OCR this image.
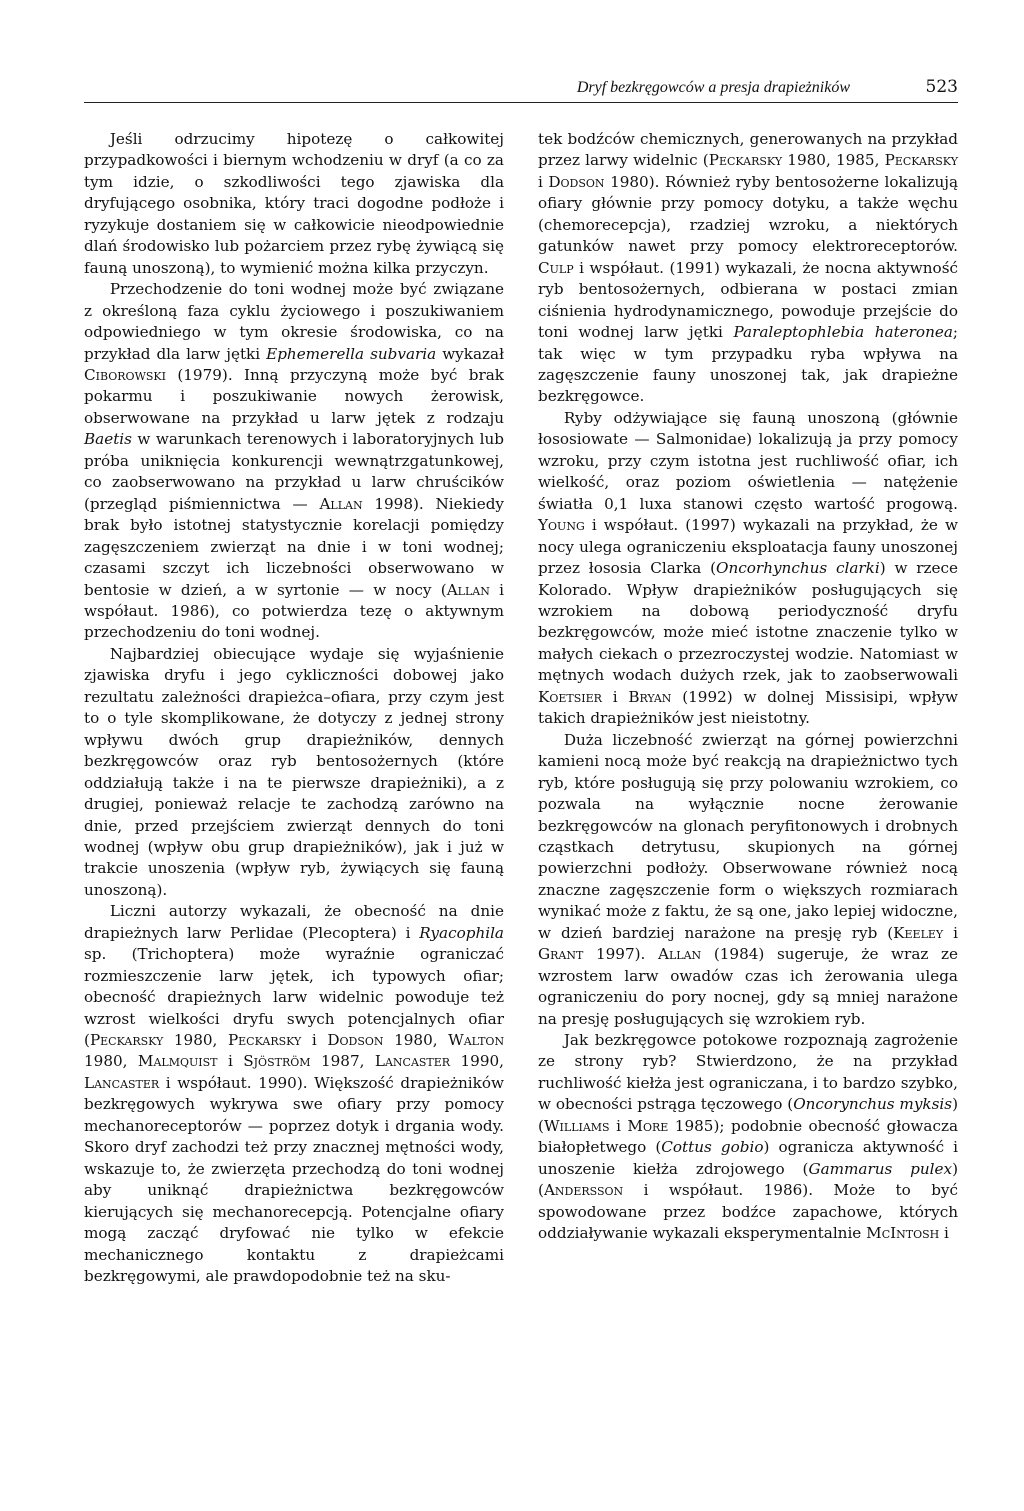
Dryf bezkręgowców a presja drapieżników	523

Jeśli odrzucimy hipotezę o całkowitej przypadkowości i biernym wchodzeniu w dryf (a co za tym idzie, o szkodliwości tego zjawiska dla dryfującego osobnika, który traci dogodne podłoże i ryzykuje dostaniem się w całkowicie nieodpowiednie dlań środowisko lub pożarciem przez rybę żywiącą się fauną unoszoną), to wymienić można kilka przyczyn.

Przechodzenie do toni wodnej może być związane z określoną faza cyklu życiowego i poszukiwaniem odpowiedniego w tym okresie środowiska, co na przykład dla larw jętki Ephemerella subvaria wykazał Ciborowski (1979). Inną przyczyną może być brak pokarmu i poszukiwanie nowych żerowisk, obserwowane na przykład u larw jętek z rodzaju Baetis w warunkach terenowych i laboratoryjnych lub próba uniknięcia konkurencji wewnątrzgatunkowej, co zaobserwowano na przykład u larw chruścików (przegląd piśmiennictwa — Allan 1998). Niekiedy brak było istotnej statystycznie korelacji pomiędzy zagęszczeniem zwierząt na dnie i w toni wodnej; czasami szczyt ich liczebności obserwowano w bentosie w dzień, a w syrtonie — w nocy (Allan i współaut. 1986), co potwierdza tezę o aktywnym przechodzeniu do toni wodnej.

Najbardziej obiecujące wydaje się wyjaśnienie zjawiska dryfu i jego cykliczności dobowej jako rezultatu zależności drapieżca–ofiara, przy czym jest to o tyle skomplikowane, że dotyczy z jednej strony wpływu dwóch grup drapieżników, dennych bezkręgowców oraz ryb bentosożernych (które oddziałują także i na te pierwsze drapieżniki), a z drugiej, ponieważ relacje te zachodzą zarówno na dnie, przed przejściem zwierząt dennych do toni wodnej (wpływ obu grup drapieżników), jak i już w trakcie unoszenia (wpływ ryb, żywiących się fauną unoszoną).

Liczni autorzy wykazali, że obecność na dnie drapieżnych larw Perlidae (Plecoptera) i Ryacophila sp. (Trichoptera) może wyraźnie ograniczać rozmieszczenie larw jętek, ich typowych ofiar; obecność drapieżnych larw widelnic powoduje też wzrost wielkości dryfu swych potencjalnych ofiar (Peckarsky 1980, Peckarsky i Dodson 1980, Walton 1980, Malmquist i Sjöström 1987, Lancaster 1990, Lancaster i współaut. 1990). Większość drapieżników bezkręgowych wykrywa swe ofiary przy pomocy mechanoreceptorów — poprzez dotyk i drgania wody. Skoro dryf zachodzi też przy znacznej mętności wody, wskazuje to, że zwierzęta przechodzą do toni wodnej aby uniknąć drapieżnictwa bezkręgowców kierujących się mechanorecepcją. Potencjalne ofiary mogą zacząć dryfować nie tylko w efekcie mechanicznego kontaktu z drapieżcami bezkręgowymi, ale prawdopodobnie też na sku-

tek bodźców chemicznych, generowanych na przykład przez larwy widelnic (Peckarsky 1980, 1985, Peckarsky i Dodson 1980). Również ryby bentosożerne lokalizują ofiary głównie przy pomocy dotyku, a także węchu (chemorecepcja), rzadziej wzroku, a niektórych gatunków nawet przy pomocy elektroreceptorów. Culp i współaut. (1991) wykazali, że nocna aktywność ryb bentosożernych, odbierana w postaci zmian ciśnienia hydrodynamicznego, powoduje przejście do toni wodnej larw jętki Paraleptophlebia hateronea; tak więc w tym przypadku ryba wpływa na zagęszczenie fauny unoszonej tak, jak drapieżne bezkręgowce.

Ryby odżywiające się fauną unoszoną (głównie łososiowate — Salmonidae) lokalizują ja przy pomocy wzroku, przy czym istotna jest ruchliwość ofiar, ich wielkość, oraz poziom oświetlenia — natężenie światła 0,1 luxa stanowi często wartość progową. Young i współaut. (1997) wykazali na przykład, że w nocy ulega ograniczeniu eksploatacja fauny unoszonej przez łososia Clarka (Oncorhynchus clarki) w rzece Kolorado. Wpływ drapieżników posługujących się wzrokiem na dobową periodyczność dryfu bezkręgowców, może mieć istotne znaczenie tylko w małych ciekach o przezroczystej wodzie. Natomiast w mętnych wodach dużych rzek, jak to zaobserwowali Koetsier i Bryan (1992) w dolnej Missisipi, wpływ takich drapieżników jest nieistotny.

Duża liczebność zwierząt na górnej powierzchni kamieni nocą może być reakcją na drapieżnictwo tych ryb, które posługują się przy polowaniu wzrokiem, co pozwala na wyłącznie nocne żerowanie bezkręgowców na glonach peryfitonowych i drobnych cząstkach detrytusu, skupionych na górnej powierzchni podłoży. Obserwowane również nocą znaczne zagęszczenie form o większych rozmiarach wynikać może z faktu, że są one, jako lepiej widoczne, w dzień bardziej narażone na presję ryb (Keeley i Grant 1997). Allan (1984) sugeruje, że wraz ze wzrostem larw owadów czas ich żerowania ulega ograniczeniu do pory nocnej, gdy są mniej narażone na presję posługujących się wzrokiem ryb.

Jak bezkręgowce potokowe rozpoznają zagrożenie ze strony ryb? Stwierdzono, że na przykład ruchliwość kiełża jest ograniczana, i to bardzo szybko, w obecności pstrąga tęczowego (Oncorynchus myksis) (Williams i More 1985); podobnie obecność głowacza białopłetwego (Cottus gobio) ogranicza aktywność i unoszenie kiełża zdrojowego (Gammarus pulex) (Andersson i współaut. 1986). Może to być spowodowane przez bodźce zapachowe, których oddziaływanie wykazali eksperymentalnie McIntosh i
